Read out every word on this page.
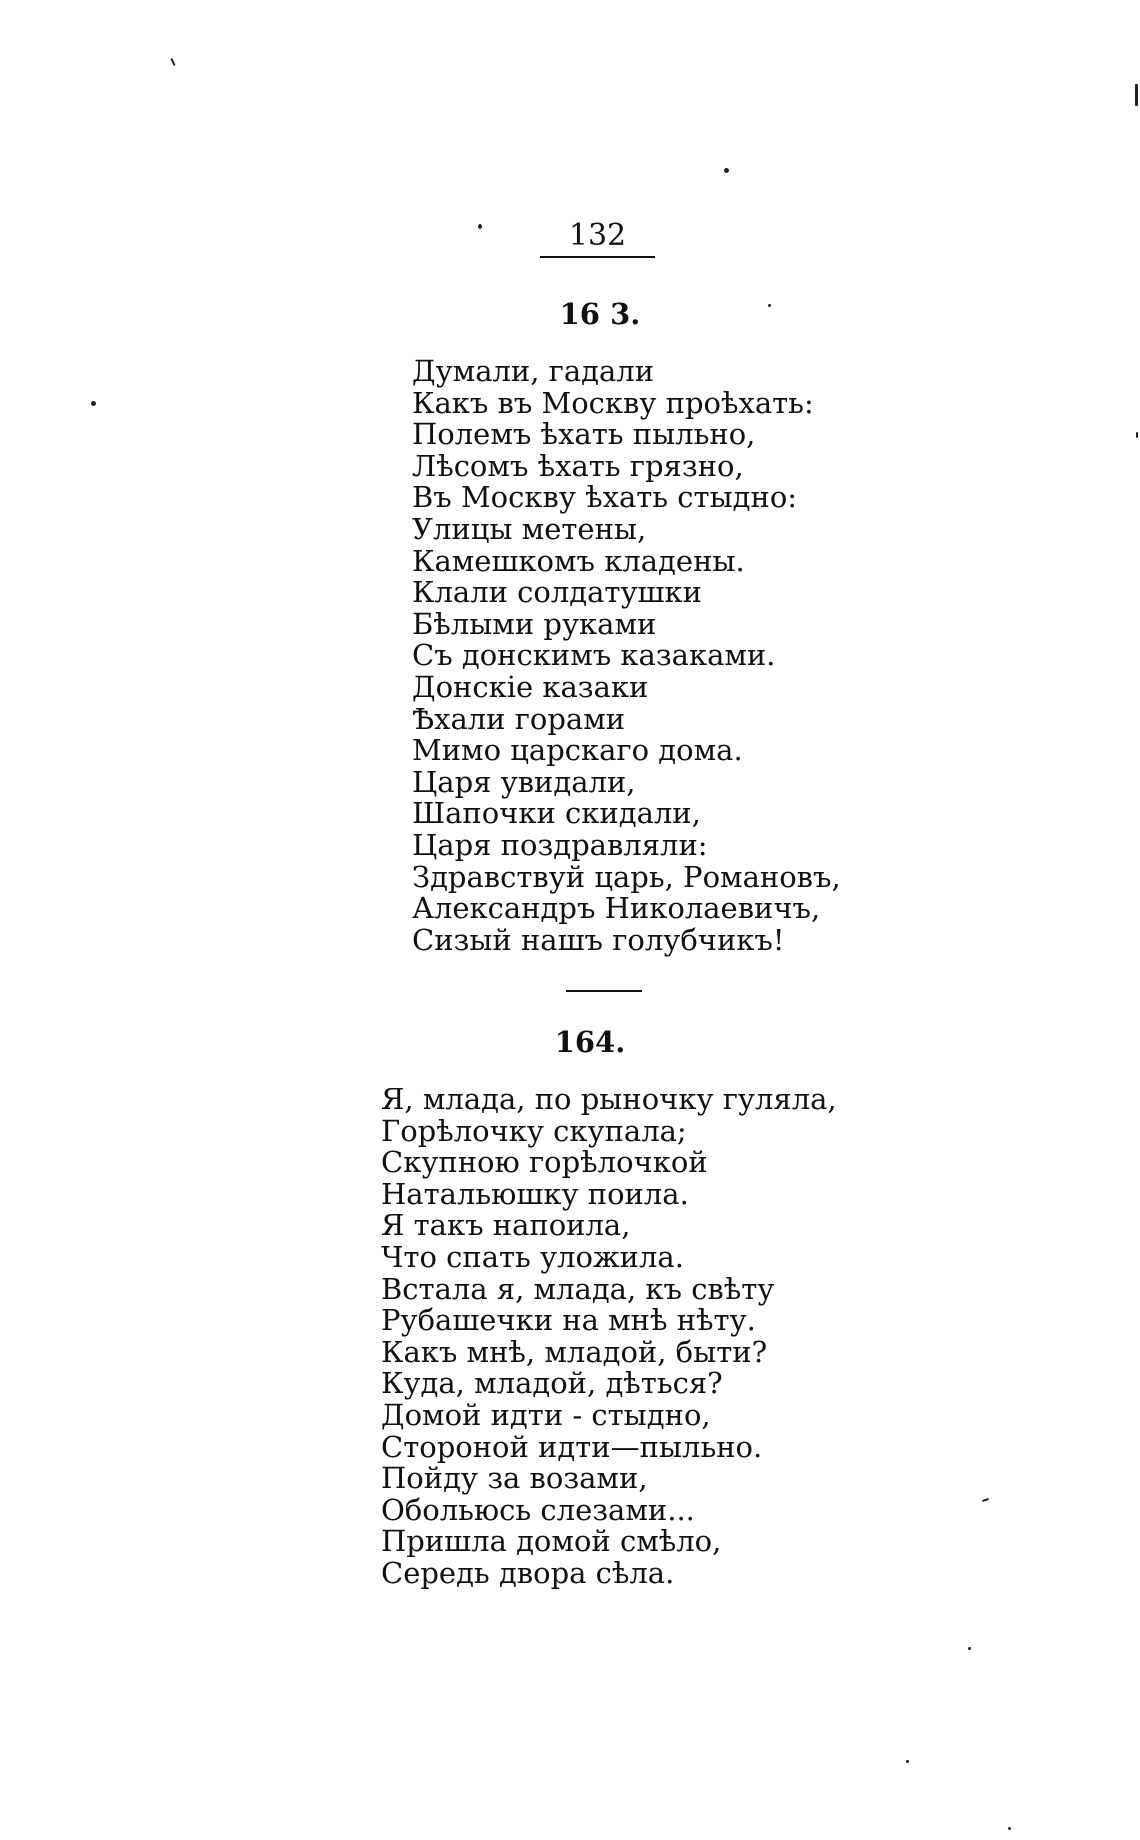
132
16 3.
Думали, гадали
Какъ въ Москву проѣхать:
Полемъ ѣхать пыльно,
Лѣсомъ ѣхать грязно,
Въ Москву ѣхать стыдно:
Улицы метены,
Камешкомъ кладены.
Клали солдатушки
Бѣлыми руками
Съ донскимъ казаками.
Донскіе казаки
Ѣхали горами
Мимо царскаго дома.
Царя увидали,
Шапочки скидали,
Царя поздравляли:
Здравствуй царь, Романовъ,
Александръ Николаевичъ,
Сизый нашъ голубчикъ!
164.
Я, млада, по рыночку гуляла,
Горѣлочку скупала;
Скупною горѣлочкой
Натальюшку поила.
Я такъ напоила,
Что спать уложила.
Встала я, млада, къ свѣту
Рубашечки на мнѣ нѣту.
Какъ мнѣ, младой, быти?
Куда, младой, дѣться?
Домой идти - стыдно,
Стороной идти—пыльно.
Пойду за возами,
Обольюсь слезами...
Пришла домой смѣло,
Середь двора сѣла.
